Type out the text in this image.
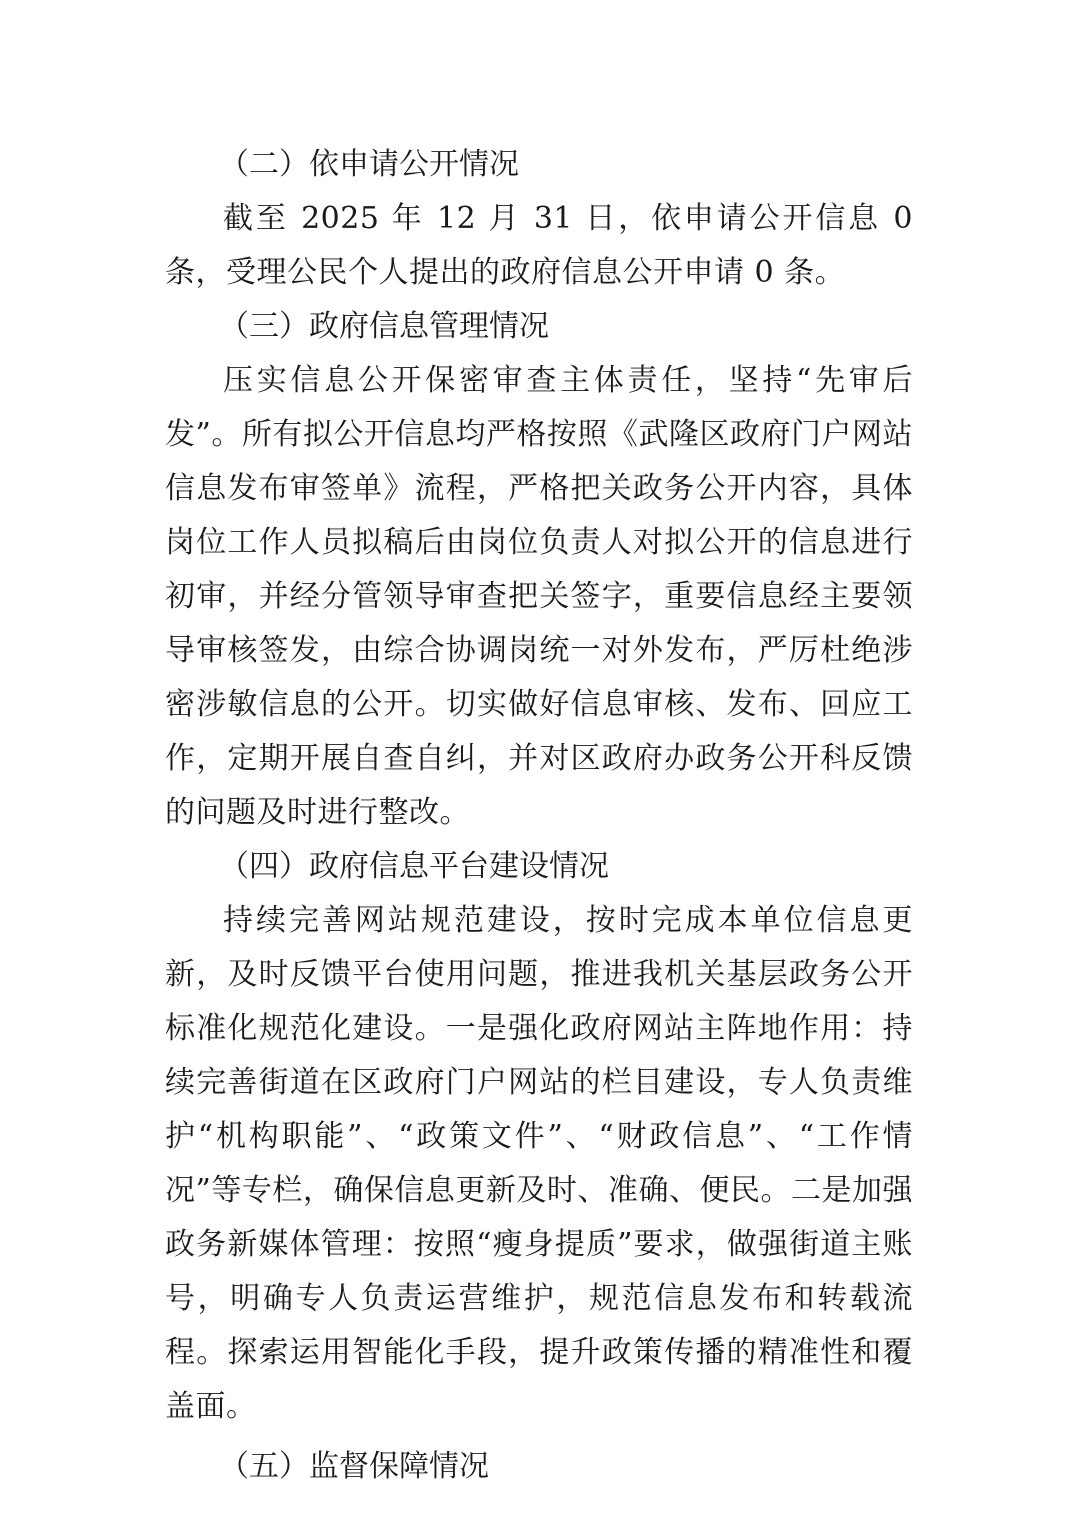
（二）依申请公开情况

截至 2025 年 12 月 31 日，依申请公开信息 0 条，受理公民个人提出的政府信息公开申请 0 条。

（三）政府信息管理情况

压实信息公开保密审查主体责任，坚持“先审后发”。所有拟公开信息均严格按照《武隆区政府门户网站信息发布审签单》流程，严格把关政务公开内容，具体岗位工作人员拟稿后由岗位负责人对拟公开的信息进行初审，并经分管领导审查把关签字，重要信息经主要领导审核签发，由综合协调岗统一对外发布，严厉杜绝涉密涉敏信息的公开。切实做好信息审核、发布、回应工作，定期开展自查自纠，并对区政府办政务公开科反馈的问题及时进行整改。

（四）政府信息平台建设情况

持续完善网站规范建设，按时完成本单位信息更新，及时反馈平台使用问题，推进我机关基层政务公开标准化规范化建设。一是强化政府网站主阵地作用：持续完善街道在区政府门户网站的栏目建设，专人负责维护“机构职能”、“政策文件”、“财政信息”、“工作情况”等专栏，确保信息更新及时、准确、便民。二是加强政务新媒体管理：按照“瘦身提质”要求，做强街道主账号，明确专人负责运营维护，规范信息发布和转载流程。探索运用智能化手段，提升政策传播的精准性和覆盖面。

（五）监督保障情况
